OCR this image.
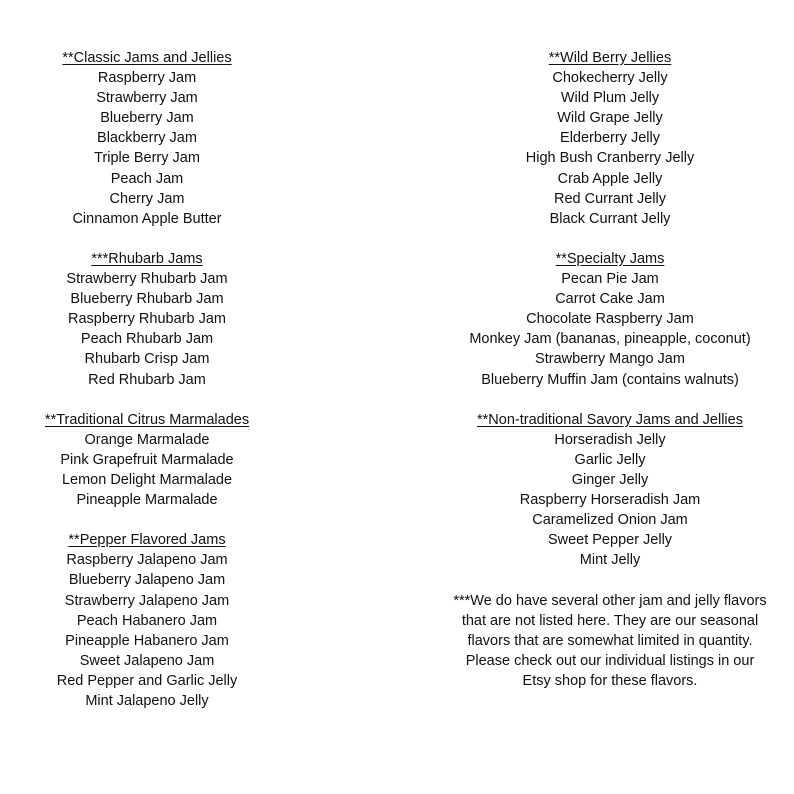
**Classic Jams and Jellies
Raspberry Jam
Strawberry Jam
Blueberry Jam
Blackberry Jam
Triple Berry Jam
Peach Jam
Cherry Jam
Cinnamon Apple Butter
***Rhubarb Jams
Strawberry Rhubarb Jam
Blueberry Rhubarb Jam
Raspberry Rhubarb Jam
Peach Rhubarb Jam
Rhubarb Crisp Jam
Red Rhubarb Jam
**Traditional Citrus Marmalades
Orange Marmalade
Pink Grapefruit Marmalade
Lemon Delight Marmalade
Pineapple Marmalade
**Pepper Flavored Jams
Raspberry Jalapeno Jam
Blueberry Jalapeno Jam
Strawberry Jalapeno Jam
Peach Habanero Jam
Pineapple Habanero Jam
Sweet Jalapeno Jam
Red Pepper and Garlic Jelly
Mint Jalapeno Jelly
**Wild Berry Jellies
Chokecherry Jelly
Wild Plum Jelly
Wild Grape Jelly
Elderberry Jelly
High Bush Cranberry Jelly
Crab Apple Jelly
Red Currant Jelly
Black Currant Jelly
**Specialty Jams
Pecan Pie Jam
Carrot Cake Jam
Chocolate Raspberry Jam
Monkey Jam (bananas, pineapple, coconut)
Strawberry Mango Jam
Blueberry Muffin Jam (contains walnuts)
**Non-traditional Savory Jams and Jellies
Horseradish Jelly
Garlic Jelly
Ginger Jelly
Raspberry Horseradish Jam
Caramelized Onion Jam
Sweet Pepper Jelly
Mint Jelly
***We do have several other jam and jelly flavors
that are not listed here. They are our seasonal
flavors that are somewhat limited in quantity.
Please check out our individual listings in our
Etsy shop for these flavors.
